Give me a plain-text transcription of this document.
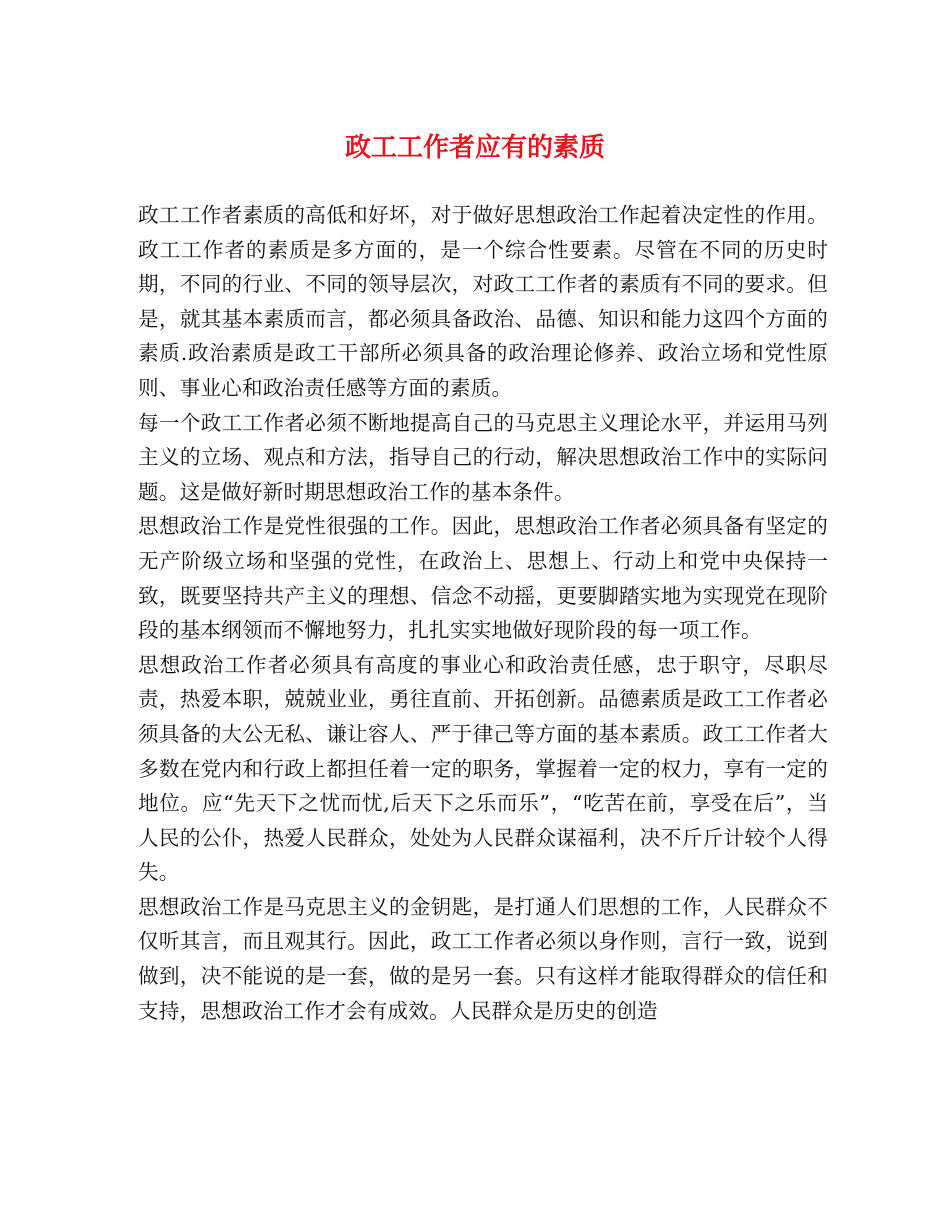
政工工作者应有的素质

政工工作者素质的高低和好坏，对于做好思想政治工作起着决定性的作用。政工工作者的素质是多方面的，是一个综合性要素。尽管在不同的历史时期，不同的行业、不同的领导层次，对政工工作者的素质有不同的要求。但是，就其基本素质而言，都必须具备政治、品德、知识和能力这四个方面的素质.政治素质是政工干部所必须具备的政治理论修养、政治立场和党性原则、事业心和政治责任感等方面的素质。

每一个政工工作者必须不断地提高自己的马克思主义理论水平，并运用马列主义的立场、观点和方法，指导自己的行动，解决思想政治工作中的实际问题。这是做好新时期思想政治工作的基本条件。

思想政治工作是党性很强的工作。因此，思想政治工作者必须具备有坚定的无产阶级立场和坚强的党性，在政治上、思想上、行动上和党中央保持一致，既要坚持共产主义的理想、信念不动摇，更要脚踏实地为实现党在现阶段的基本纲领而不懈地努力，扎扎实实地做好现阶段的每一项工作。

思想政治工作者必须具有高度的事业心和政治责任感，忠于职守，尽职尽责，热爱本职，兢兢业业，勇往直前、开拓创新。品德素质是政工工作者必须具备的大公无私、谦让容人、严于律己等方面的基本素质。政工工作者大多数在党内和行政上都担任着一定的职务，掌握着一定的权力，享有一定的地位。应“先天下之忧而忧,后天下之乐而乐”，“吃苦在前，享受在后”，当人民的公仆，热爱人民群众，处处为人民群众谋福利，决不斤斤计较个人得失。

思想政治工作是马克思主义的金钥匙，是打通人们思想的工作，人民群众不仅听其言，而且观其行。因此，政工工作者必须以身作则，言行一致，说到做到，决不能说的是一套，做的是另一套。只有这样才能取得群众的信任和支持，思想政治工作才会有成效。人民群众是历史的创造
